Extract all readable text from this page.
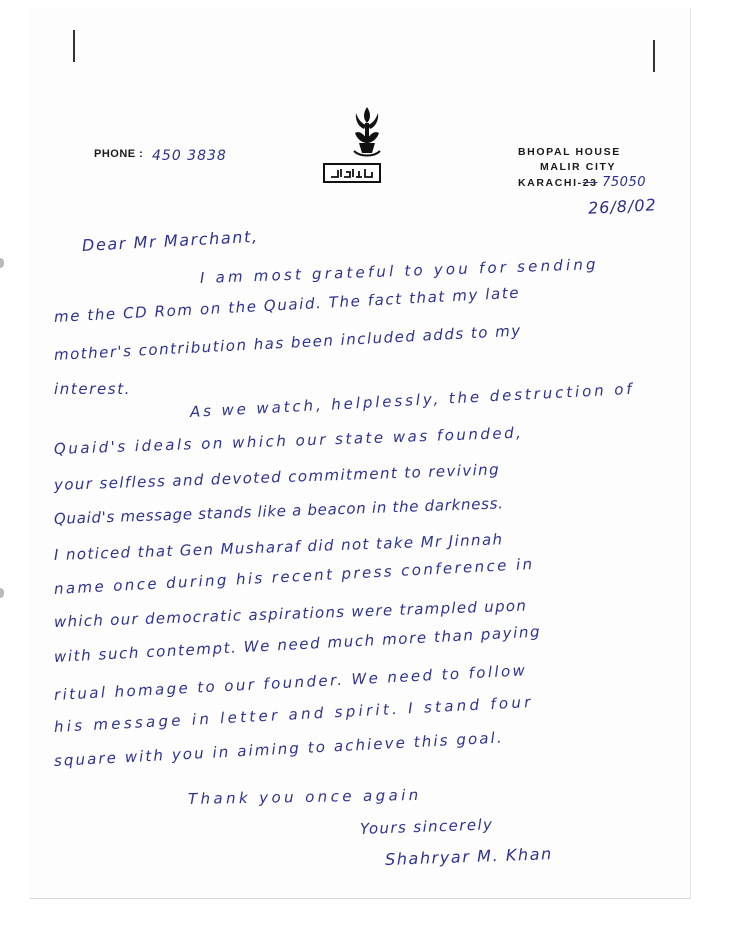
PHONE : 450 3838	BHOPAL HOUSE
MALIR CITY
KARACHI-23 75050
26/8/02
Dear Mr Marchant,
I am most grateful to you for sending
me the CD Rom on the Quaid. The fact that my late
mother's contribution has been included adds to my
interest.	As we watch, helplessly, the destruction of
Quaid's ideals on which our state was founded,
your selfless and devoted commitment to reviving
Quaid's message stands like a beacon in the darkness.
I noticed that Gen Musharaf did not take Mr Jinnah
name once during his recent press conference in
which our democratic aspirations were trampled upon
with such contempt. We need much more than paying
ritual homage to our founder. We need to follow
his message in letter and spirit. I stand four
square with you in aiming to achieve this goal.
Thank you once again
Yours sincerely
Shahryar M. Khan
